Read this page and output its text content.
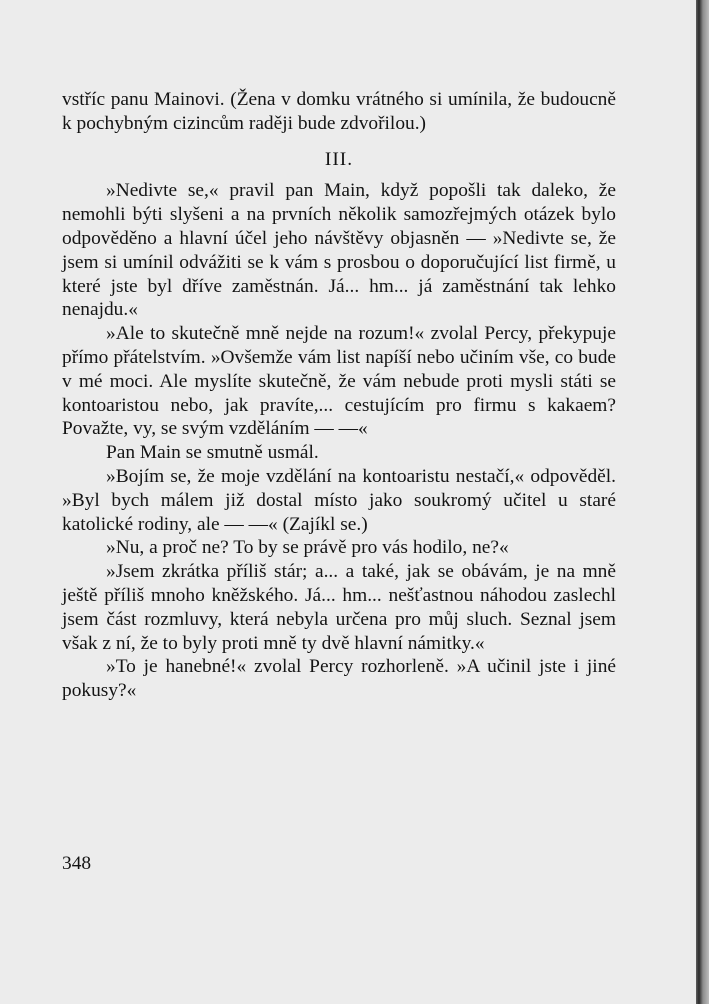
vstříc panu Mainovi. (Žena v domku vrátného si umínila, že budoucně k pochybným cizincům raději bude zdvořilou.)

III.

»Nedivte se,« pravil pan Main, když popošli tak daleko, že nemohli býti slyšeni a na prvních několik samozřejmých otázek bylo odpověděno a hlavní účel jeho návštěvy objasněn — »Nedivte se, že jsem si umínil odvážiti se k vám s prosbou o doporučující list firmě, u které jste byl dříve zaměstnán. Já... hm... já zaměstnání tak lehko nenajdu.«

»Ale to skutečně mně nejde na rozum!« zvolal Percy, překypuje přímo přátelstvím. »Ovšemže vám list napíší nebo učiním vše, co bude v mé moci. Ale myslíte skutečně, že vám nebude proti mysli státi se kontoaristou nebo, jak pravíte,... cestujícím pro firmu s kakaem? Považte, vy, se svým vzděláním — —«

Pan Main se smutně usmál.

»Bojím se, že moje vzdělání na kontoaristu nestačí,« odpověděl. »Byl bych málem již dostal místo jako soukromý učitel u staré katolické rodiny, ale — —« (Zajíkl se.)

»Nu, a proč ne? To by se právě pro vás hodilo, ne?«

»Jsem zkrátka příliš stár; a... a také, jak se obávám, je na mně ještě příliš mnoho kněžského. Já... hm... nešťastnou náhodou zaslechl jsem část rozmluvy, která nebyla určena pro můj sluch. Seznal jsem však z ní, že to byly proti mně ty dvě hlavní námitky.«

»To je hanebné!« zvolal Percy rozhorleně. »A učinil jste i jiné pokusy?«

348
